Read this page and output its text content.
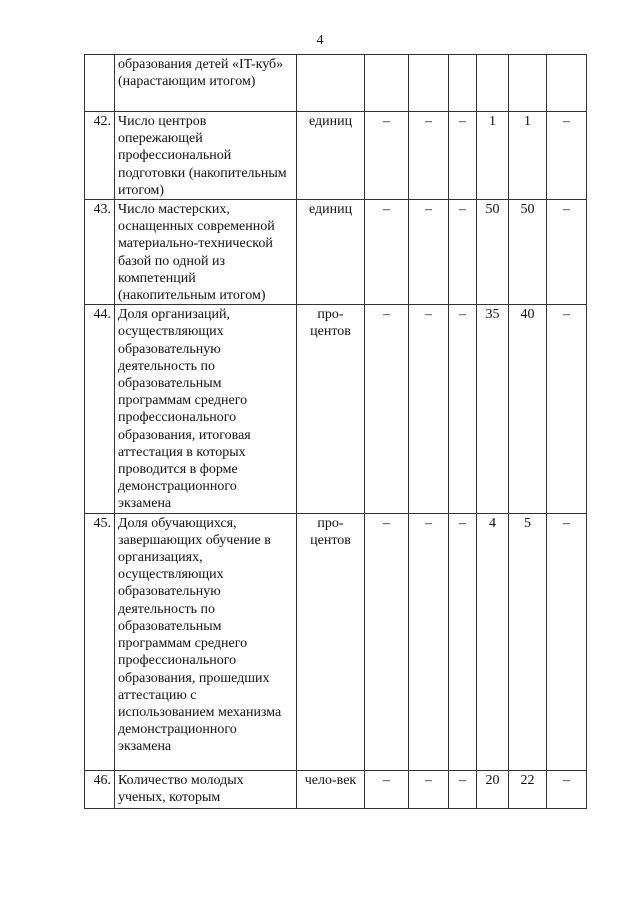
4
	образования детей «IT-куб» (нарастающим итогом)							
42.	Число центров опережающей профессиональной подготовки (накопительным итогом)	единиц	–	–	–	1	1	–
43.	Число мастерских, оснащенных современной материально-технической базой по одной из компетенций (накопительным итогом)	единиц	–	–	–	50	50	–
44.	Доля организаций, осуществляющих образовательную деятельность по образовательным программам среднего профессионального образования, итоговая аттестация в которых проводится в форме демонстрационного экзамена	про-центов	–	–	–	35	40	–
45.	Доля обучающихся, завершающих обучение в организациях, осуществляющих образовательную деятельность по образовательным программам среднего профессионального образования, прошедших аттестацию с использованием механизма демонстрационного экзамена	про-центов	–	–	–	4	5	–
46.	Количество молодых ученых, которым	чело-век	–	–	–	20	22	–
